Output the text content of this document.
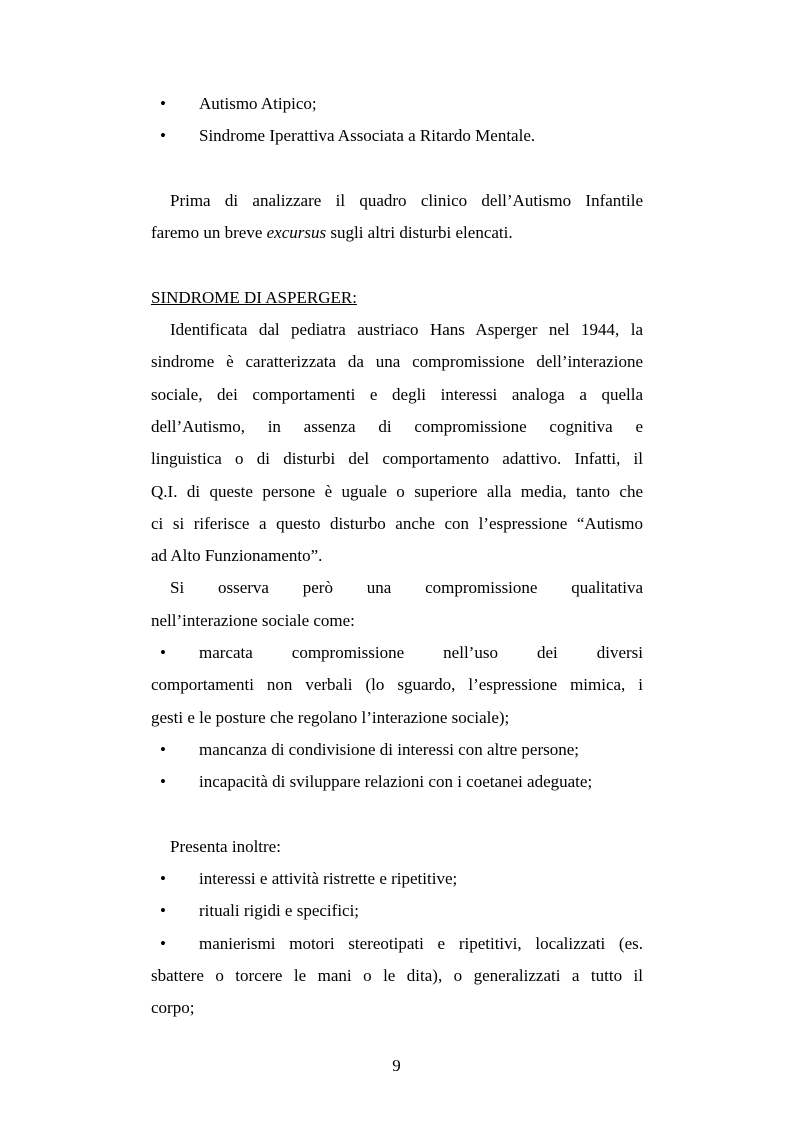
• Autismo Atipico;
• Sindrome Iperattiva Associata a Ritardo Mentale.
Prima di analizzare il quadro clinico dell’Autismo Infantile
faremo un breve excursus sugli altri disturbi elencati.
SINDROME DI ASPERGER:
Identificata dal pediatra austriaco Hans Asperger nel 1944, la
sindrome è caratterizzata da una compromissione dell’interazione
sociale, dei comportamenti e degli interessi analoga a quella
dell’Autismo, in assenza di compromissione cognitiva e
linguistica o di disturbi del comportamento adattivo. Infatti, il
Q.I. di queste persone è uguale o superiore alla media, tanto che
ci si riferisce a questo disturbo anche con l’espressione “Autismo
ad Alto Funzionamento”.
Si osserva però una compromissione qualitativa
nell’interazione sociale come:
• marcata compromissione nell’uso dei diversi
comportamenti non verbali (lo sguardo, l’espressione mimica, i
gesti e le posture che regolano l’interazione sociale);
• mancanza di condivisione di interessi con altre persone;
• incapacità di sviluppare relazioni con i coetanei adeguate;
Presenta inoltre:
• interessi e attività ristrette e ripetitive;
• rituali rigidi e specifici;
• manierismi motori stereotipati e ripetitivi, localizzati (es.
sbattere o torcere le mani o le dita), o generalizzati a tutto il
corpo;
9
